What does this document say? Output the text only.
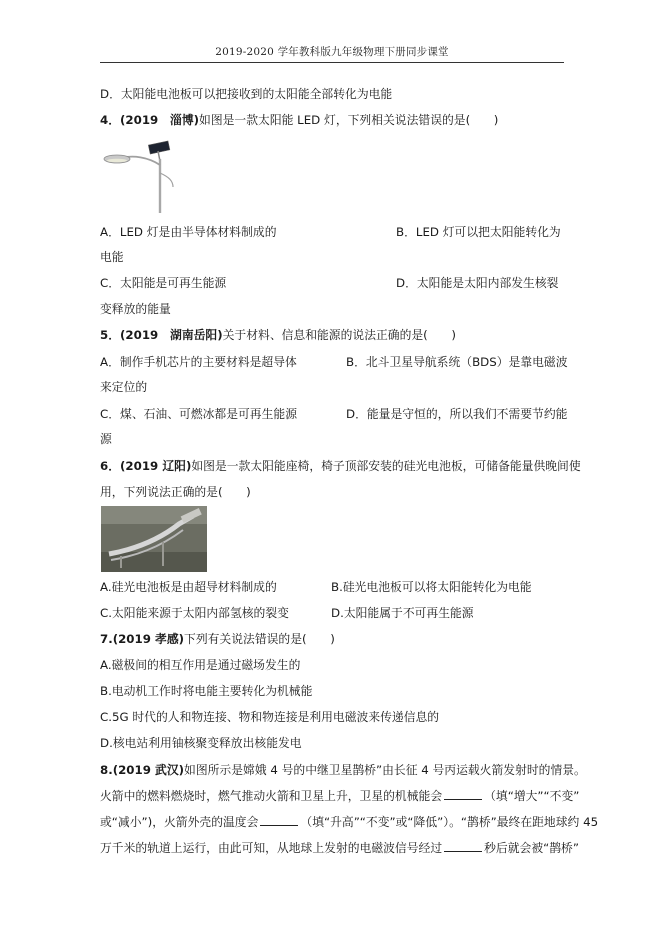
2019-2020 学年教科版九年级物理下册同步课堂
D．太阳能电池板可以把接收到的太阳能全部转化为电能
4．(2019　淄博)如图是一款太阳能 LED 灯，下列相关说法错误的是(　　)
A．LED 灯是由半导体材料制成的	B．LED 灯可以把太阳能转化为
电能
C．太阳能是可再生能源	D．太阳能是太阳内部发生核裂
变释放的能量
5．(2019　湖南岳阳)关于材料、信息和能源的说法正确的是(　　)
A．制作手机芯片的主要材料是超导体	B．北斗卫星导航系统（BDS）是靠电磁波
来定位的
C．煤、石油、可燃冰都是可再生能源	D．能量是守恒的，所以我们不需要节约能
源
6．(2019 辽阳)如图是一款太阳能座椅，椅子顶部安装的硅光电池板，可储备能量供晚间使
用，下列说法正确的是(　　)
A.硅光电池板是由超导材料制成的	B.硅光电池板可以将太阳能转化为电能
C.太阳能来源于太阳内部氢核的裂变	D.太阳能属于不可再生能源
7.(2019 孝感)下列有关说法错误的是(　　)
A.磁极间的相互作用是通过磁场发生的
B.电动机工作时将电能主要转化为机械能
C.5G 时代的人和物连接、物和物连接是利用电磁波来传递信息的
D.核电站利用铀核聚变释放出核能发电
8.(2019 武汉)如图所示是嫦娥 4 号的中继卫星鹊桥”由长征 4 号丙运载火箭发射时的情景。
火箭中的燃料燃烧时，燃气推动火箭和卫星上升，卫星的机械能会	（填“增大”“不变”
或“减小”)，火箭外壳的温度会	（填“升高”“不变”或“降低”）。“鹊桥”最终在距地球约 45
万千米的轨道上运行，由此可知，从地球上发射的电磁波信号经过	秒后就会被“鹊桥”
